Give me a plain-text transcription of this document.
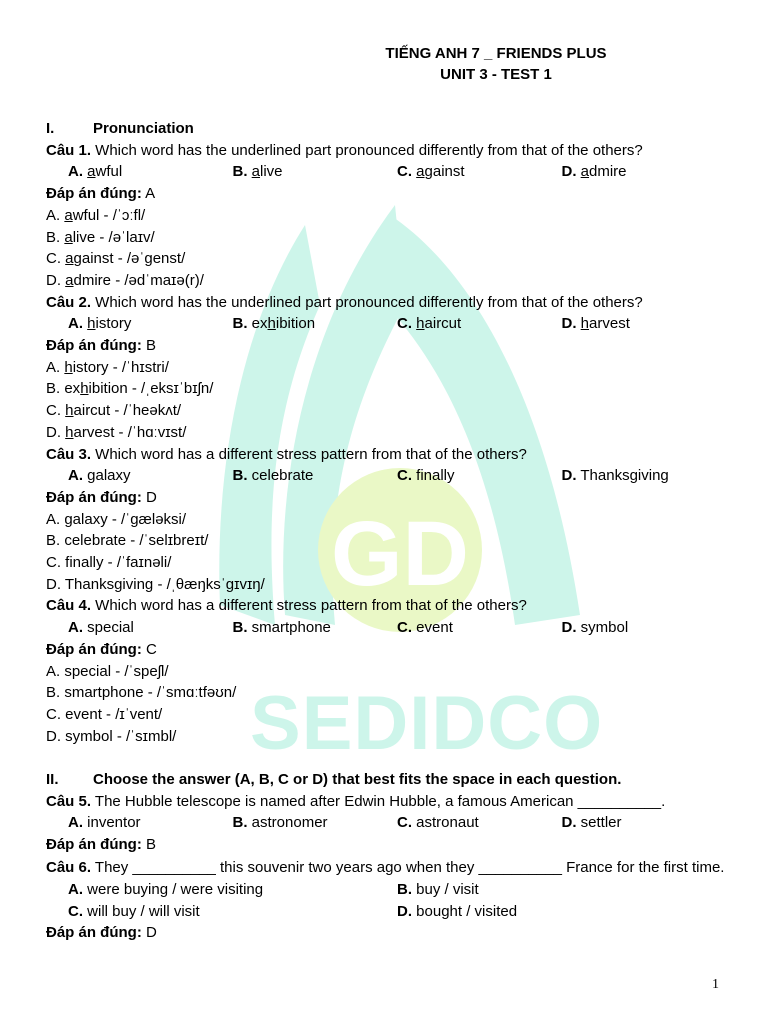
GD
SEDIDCO
TIẾNG ANH 7 _ FRIENDS PLUS
UNIT 3 - TEST 1
I.	Pronunciation
Câu 1. Which word has the underlined part pronounced differently from that of the others?
A. awful	B. alive	C. against	D. admire
Đáp án đúng: A
A. awful - /ˈɔːfl/
B. alive - /əˈlaɪv/
C. against - /əˈgenst/
D. admire - /ədˈmaɪə(r)/
Câu 2. Which word has the underlined part pronounced differently from that of the others?
A. history	B. exhibition	C. haircut	D. harvest
Đáp án đúng: B
A. history - /ˈhɪstri/
B. exhibition - /ˌeksɪˈbɪʃn/
C. haircut - /ˈheəkʌt/
D. harvest - /ˈhɑːvɪst/
Câu 3. Which word has a different stress pattern from that of the others?
A. galaxy	B. celebrate	C. finally	D. Thanksgiving
Đáp án đúng: D
A. galaxy - /ˈgæləksi/
B. celebrate - /ˈselɪbreɪt/
C. finally - /ˈfaɪnəli/
D. Thanksgiving - /ˌθæŋksˈgɪvɪŋ/
Câu 4. Which word has a different stress pattern from that of the others?
A. special	B. smartphone	C. event	D. symbol
Đáp án đúng: C
A. special - /ˈspeʃl/
B. smartphone - /ˈsmɑːtfəʊn/
C. event - /ɪˈvent/
D. symbol - /ˈsɪmbl/
II.	Choose the answer (A, B, C or D) that best fits the space in each question.
Câu 5. The Hubble telescope is named after Edwin Hubble, a famous American __________.
A. inventor	B. astronomer	C. astronaut	D. settler
Đáp án đúng: B
Câu 6. They __________ this souvenir two years ago when they __________ France for the first time.
A. were buying / were visiting	B. buy / visit
C. will buy / will visit	D. bought / visited
Đáp án đúng: D
1
